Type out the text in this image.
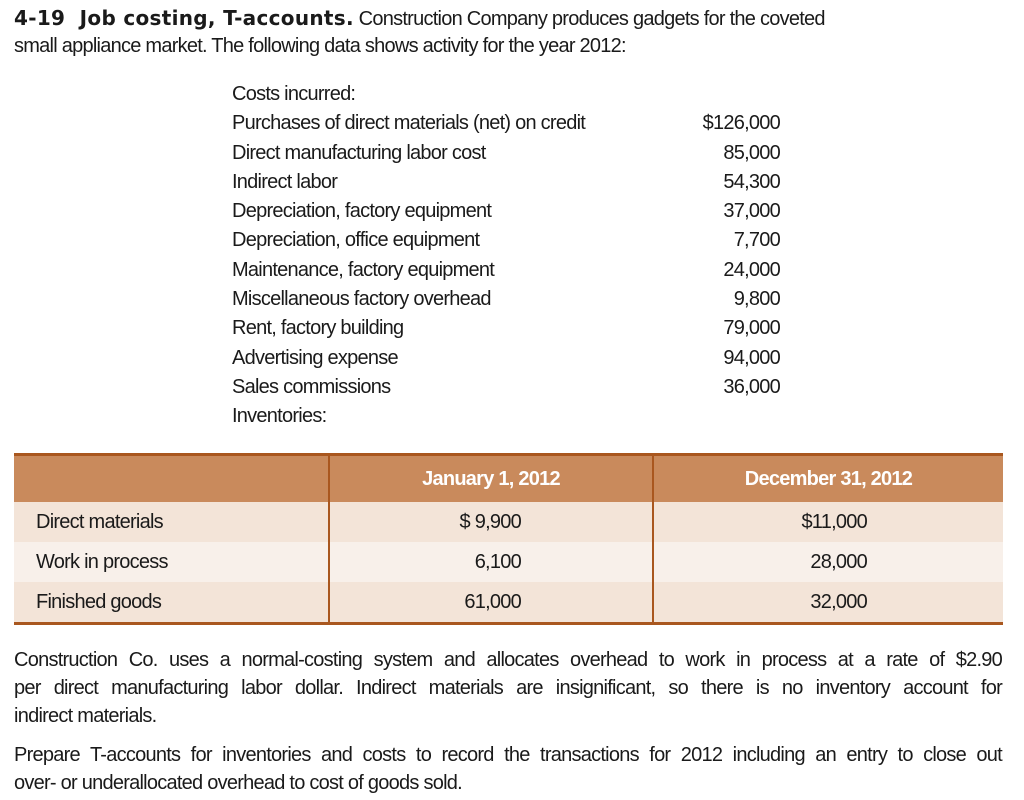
4-19 Job costing, T-accounts. Construction Company produces gadgets for the coveted
small appliance market. The following data shows activity for the year 2012:
Costs incurred:
Purchases of direct materials (net) on credit	$126,000
Direct manufacturing labor cost	85,000
Indirect labor	54,300
Depreciation, factory equipment	37,000
Depreciation, office equipment	7,700
Maintenance, factory equipment	24,000
Miscellaneous factory overhead	9,800
Rent, factory building	79,000
Advertising expense	94,000
Sales commissions	36,000
Inventories:
	January 1, 2012	December 31, 2012
Direct materials	$ 9,900	$11,000
Work in process	6,100	28,000
Finished goods	61,000	32,000
Construction Co. uses a normal-costing system and allocates overhead to work in process at a rate of $2.90
per direct manufacturing labor dollar. Indirect materials are insignificant, so there is no inventory account for
indirect materials.
Prepare T-accounts for inventories and costs to record the transactions for 2012 including an entry to close out
over- or underallocated overhead to cost of goods sold.
